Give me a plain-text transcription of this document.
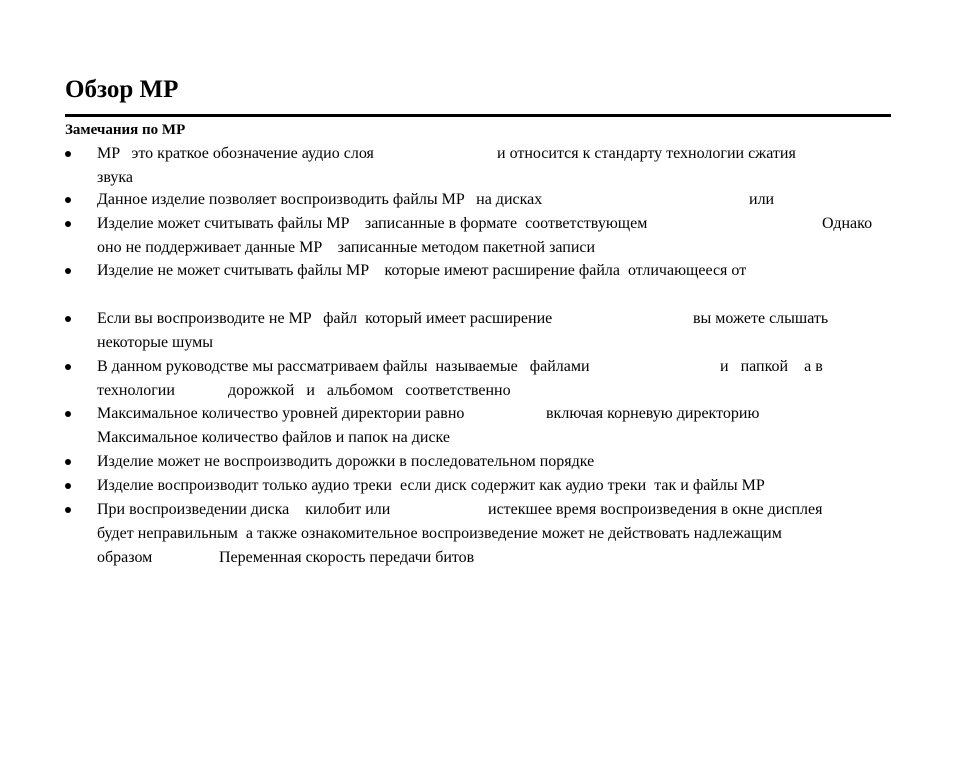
Обзор MP
Замечания по MP
MP   это краткое обозначение аудио слоя	и относится к стандарту технологии сжатия
звука
Данное изделие позволяет воспроизводить файлы MP   на дисках	или
Изделие может считывать файлы MP    записанные в формате  соответствующем	Однако
оно не поддерживает данные MP    записанные методом пакетной записи
Изделие не может считывать файлы MP    которые имеют расширение файла  отличающееся от
Если вы воспроизводите не MP   файл  который имеет расширение	вы можете слышать
некоторые шумы
В данном руководстве мы рассматриваем файлы  называемые   файлами	и   папкой    а в
технологии	дорожкой   и   альбомом   соответственно
Максимальное количество уровней директории равно	включая корневую директорию
Максимальное количество файлов и папок на диске
Изделие может не воспроизводить дорожки в последовательном порядке
Изделие воспроизводит только аудио треки  если диск содержит как аудио треки  так и файлы MP
При воспроизведении диска    килобит или	истекшее время воспроизведения в окне дисплея
будет неправильным  а также ознакомительное воспроизведение может не действовать надлежащим
образом	Переменная скорость передачи битов
